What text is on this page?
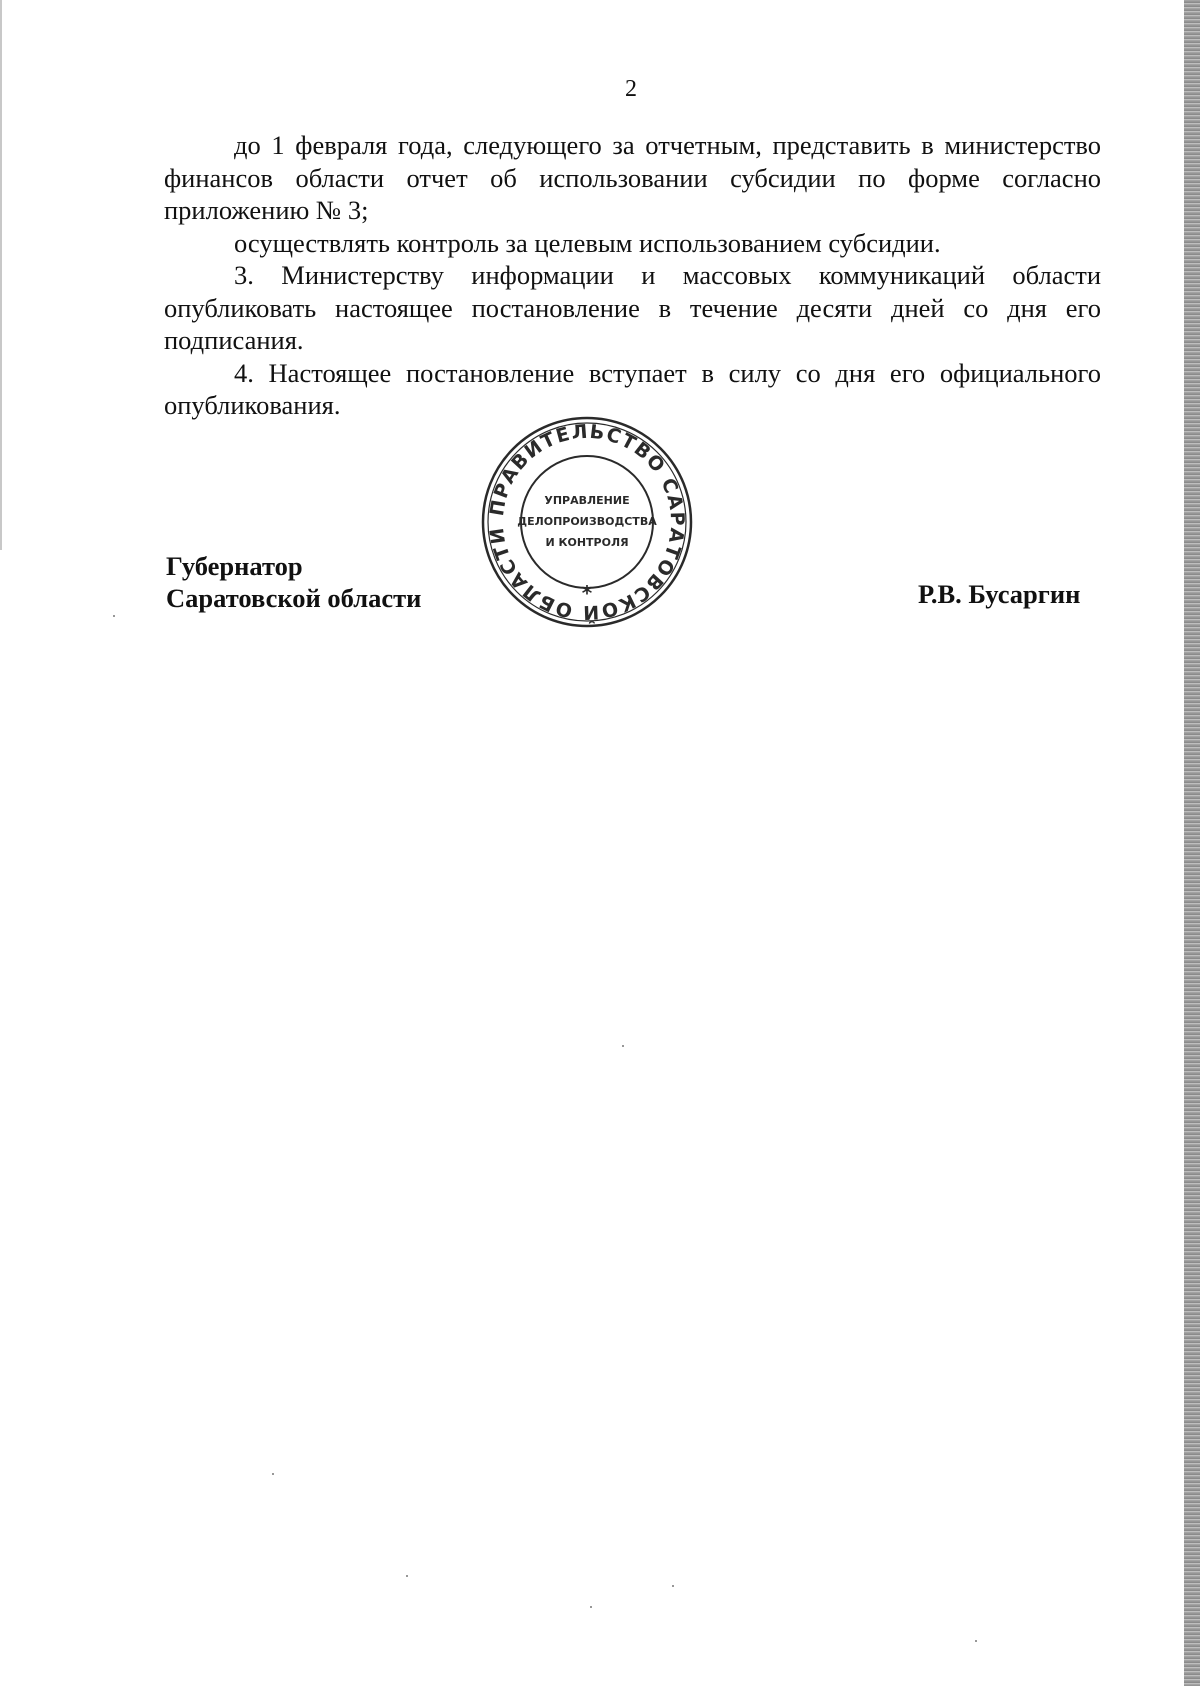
2

до 1 февраля года, следующего за отчетным, представить в министерство финансов области отчет об использовании субсидии по форме согласно приложению № 3;

осуществлять контроль за целевым использованием субсидии.

3. Министерству информации и массовых коммуникаций области опубликовать настоящее постановление в течение десяти дней со дня его подписания.

4. Настоящее постановление вступает в силу со дня его официального опубликования.

Губернатор
Саратовской области	Р.В. Бусаргин
ПРАВИТЕЛЬСТВО САРАТОВСКОЙ ОБЛАСТИ
*
УПРАВЛЕНИЕ
ДЕЛОПРОИЗВОДСТВА
И КОНТРОЛЯ
